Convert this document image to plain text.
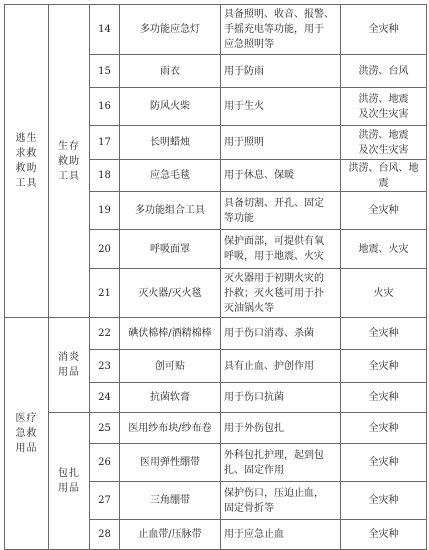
逃生
求救
救助
工具	生存
救助
工具	14	多功能应急灯	具备照明、收音、报警、
手摇充电等功能，用于
应急照明等	全灾种

		15	雨衣	用于防雨	洪涝、台风

		16	防风火柴	用于生火	洪涝、地震
及次生灾害

		17	长明蜡烛	用于照明	洪涝、地震
及次生灾害

		18	应急毛毯	用于休息、保暖	洪涝、台风、地震

		19	多功能组合工具	具备切割、开孔、固定
等功能	全灾种

		20	呼吸面罩	保护面部，可提供有氧
呼吸，用于地震、火灾	地震、火灾

		21	灭火器/灭火毯	灭火器用于初期火灾的
扑救；灭火毯可用于扑
灭油锅火等	火灾

医疗
急救
用品	消炎
用品	22	碘伏棉棒/酒精棉棒	用于伤口消毒、杀菌	全灾种

		23	创可贴	具有止血、护创作用	全灾种

		24	抗菌软膏	用于伤口抗菌	全灾种

	包扎
用品	25	医用纱布块/纱布卷	用于外伤包扎	全灾种

		26	医用弹性绷带	外科包扎护理，起到包
扎、固定作用	全灾种

		27	三角绷带	保护伤口，压迫止血，
固定骨折等	全灾种

		28	止血带/压脉带	用于应急止血	全灾种
